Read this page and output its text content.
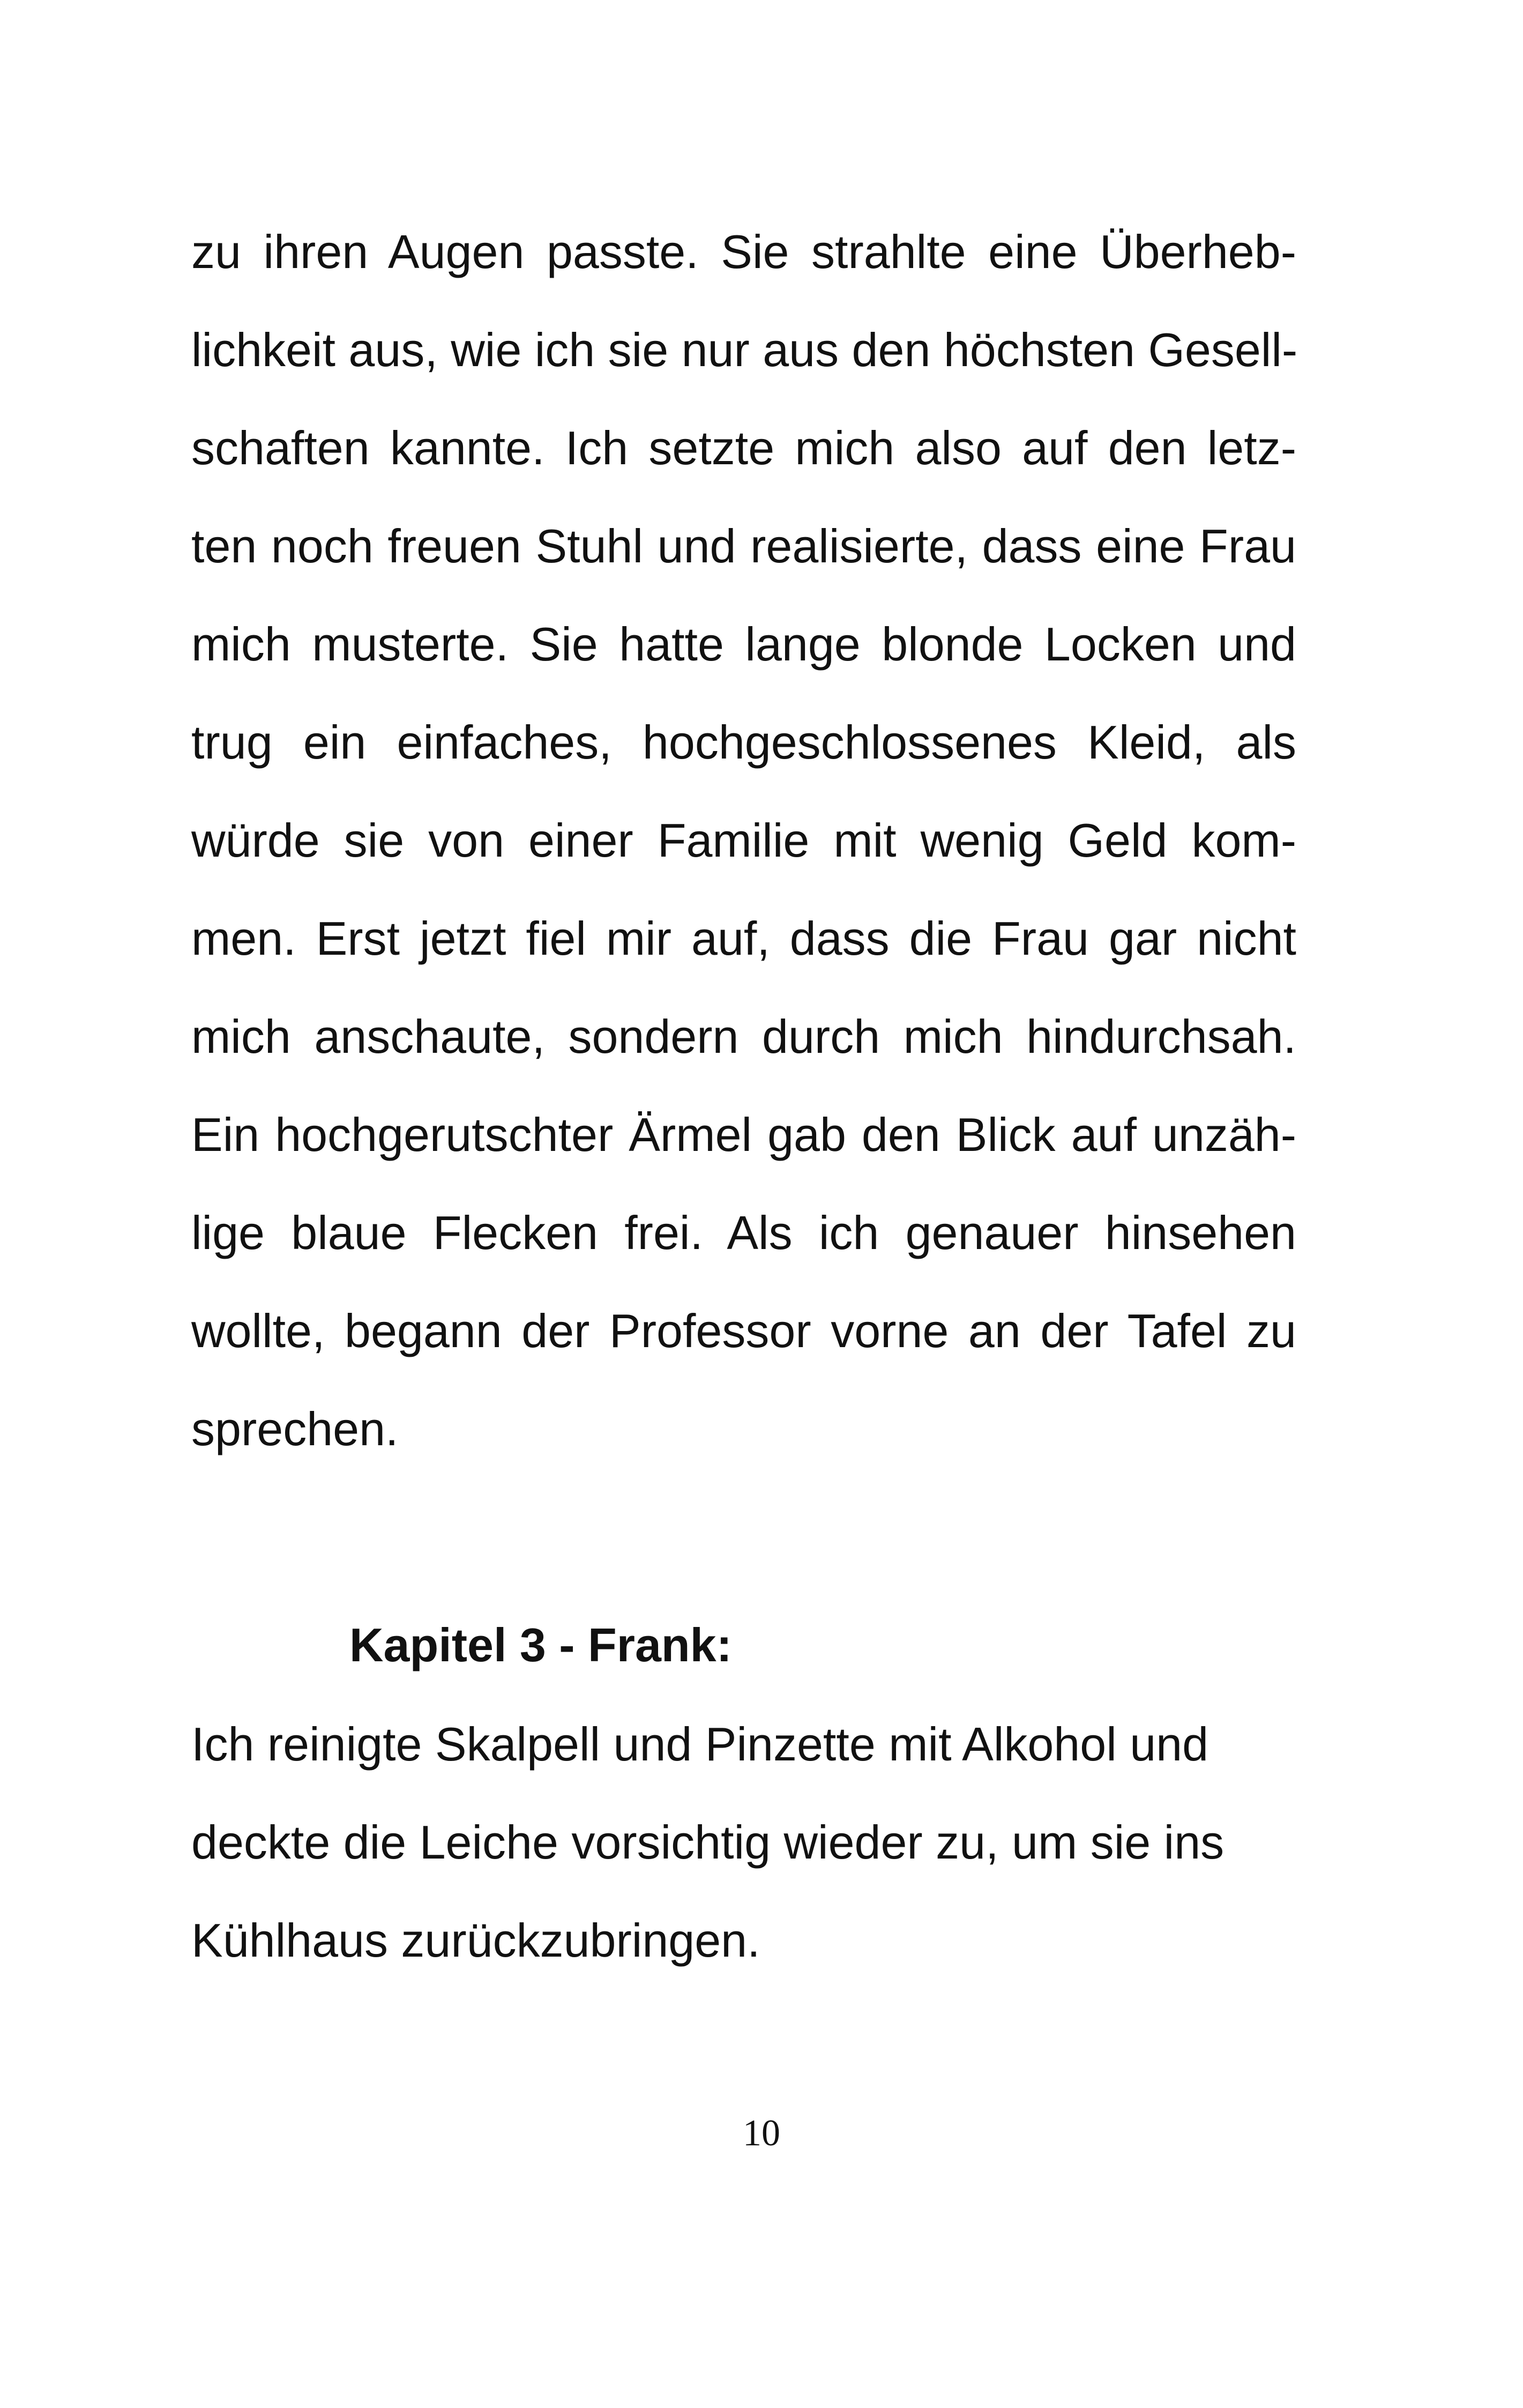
zu ihren Augen passte. Sie strahlte eine Überheb-
lichkeit aus, wie ich sie nur aus den höchsten Gesell-
schaften kannte. Ich setzte mich also auf den letz-
ten noch freuen Stuhl und realisierte, dass eine Frau
mich musterte. Sie hatte lange blonde Locken und
trug ein einfaches, hochgeschlossenes Kleid, als
würde sie von einer Familie mit wenig Geld kom-
men. Erst jetzt fiel mir auf, dass die Frau gar nicht
mich anschaute, sondern durch mich hindurchsah.
Ein hochgerutschter Ärmel gab den Blick auf unzäh-
lige blaue Flecken frei. Als ich genauer hinsehen
wollte, begann der Professor vorne an der Tafel zu
sprechen.
Kapitel 3 - Frank:
Ich reinigte Skalpell und Pinzette mit Alkohol und
deckte die Leiche vorsichtig wieder zu, um sie ins
Kühlhaus zurückzubringen.
10
